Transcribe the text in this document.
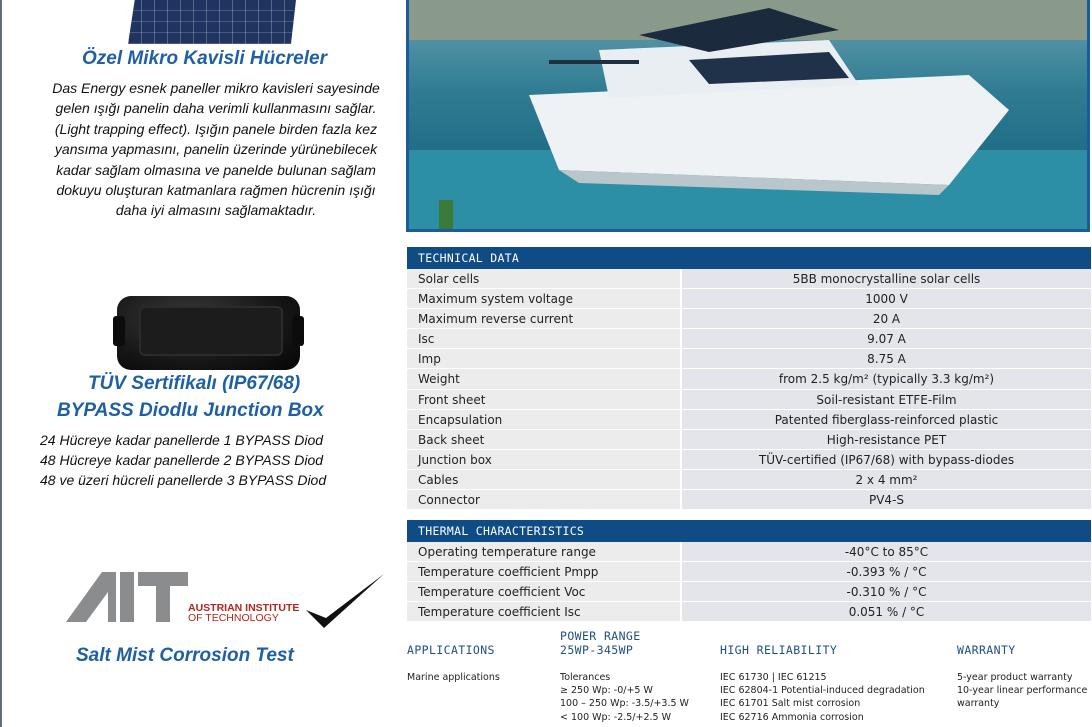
Özel Mikro Kavisli Hücreler
Das Energy esnek paneller mikro kavisleri sayesinde gelen ışığı panelin daha verimli kullanmasını sağlar.(Light trapping effect). Işığın panele birden fazla kez yansıma yapmasını, panelin üzerinde yürünebilecek kadar sağlam olmasına ve panelde bulunan sağlam dokuyu oluşturan katmanlara rağmen hücrenin ışığı daha iyi almasını sağlamaktadır.
TÜV Sertifikalı (IP67/68)
BYPASS Diodlu Junction Box
24 Hücreye kadar panellerde 1 BYPASS Diod
48 Hücreye kadar panellerde 2 BYPASS Diod
48 ve üzeri hücreli panellerde 3 BYPASS Diod
AUSTRIAN INSTITUTE
OF TECHNOLOGY
Salt Mist Corrosion Test
TECHNICAL DATA
Solar cells	5BB monocrystalline solar cells
Maximum system voltage	1000 V
Maximum reverse current	20 A
Isc	9.07 A
Imp	8.75 A
Weight	from 2.5 kg/m² (typically 3.3 kg/m²)
Front sheet	Soil-resistant ETFE-Film
Encapsulation	Patented fiberglass-reinforced plastic
Back sheet	High-resistance PET
Junction box	TÜV-certified (IP67/68) with bypass-diodes
Cables	2 x 4 mm²
Connector	PV4-S
THERMAL CHARACTERISTICS
Operating temperature range	-40°C to 85°C
Temperature coefficient Pmpp	-0.393 % / °C
Temperature coefficient Voc	-0.310 % / °C
Temperature coefficient Isc	0.051 % / °C
APPLICATIONS
Marine applications
POWER RANGE
25WP-345WP
Tolerances
≥ 250 Wp: -0/+5 W
100 – 250 Wp: -3.5/+3.5 W
< 100 Wp: -2.5/+2.5 W
HIGH RELIABILITY
IEC 61730 | IEC 61215
IEC 62804-1 Potential-induced degradation
IEC 61701 Salt mist corrosion
IEC 62716 Ammonia corrosion
WARRANTY
5-year product warranty
10-year linear performance
warranty
